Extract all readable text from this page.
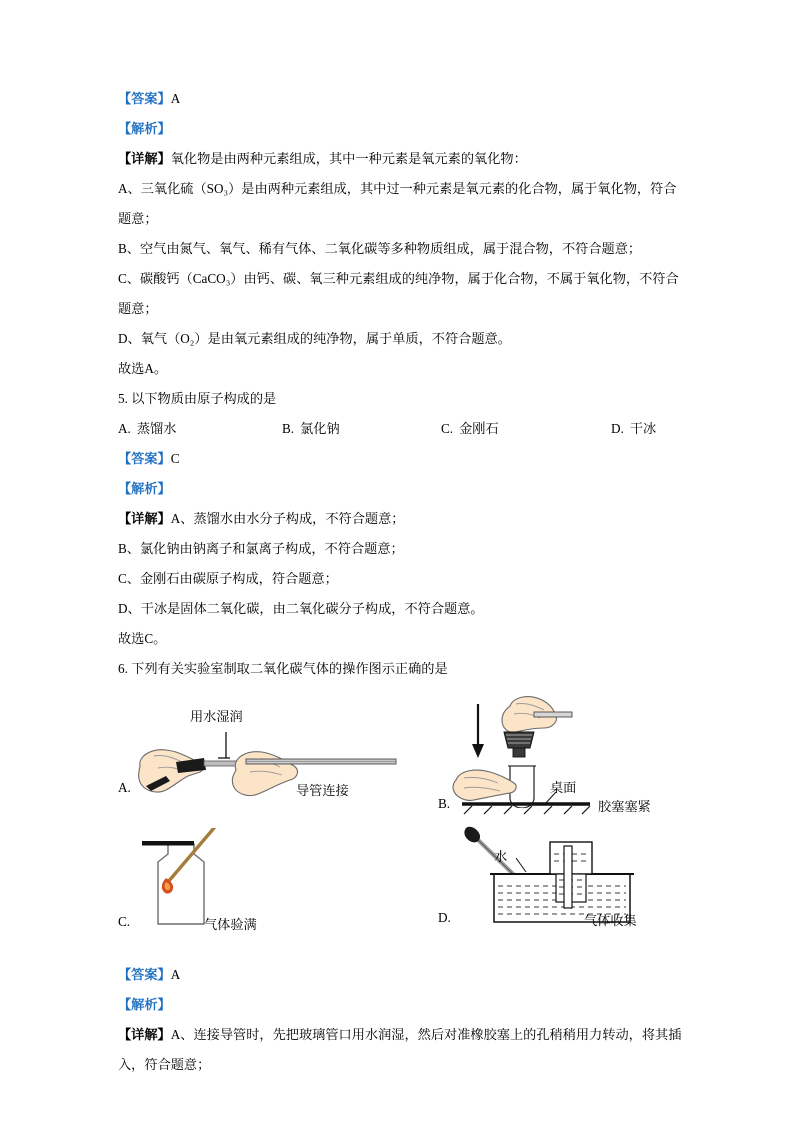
【答案】A
【解析】
【详解】氧化物是由两种元素组成，其中一种元素是氧元素的氧化物：
A、三氧化硫（SO₃）是由两种元素组成，其中过一种元素是氧元素的化合物，属于氧化物，符合题意；
B、空气由氮气、氧气、稀有气体、二氧化碳等多种物质组成，属于混合物，不符合题意；
C、碳酸钙（CaCO₃）由钙、碳、氧三种元素组成的纯净物，属于化合物，不属于氧化物，不符合题意；
D、氧气（O₂）是由氧元素组成的纯净物，属于单质，不符合题意。
故选A。
5. 以下物质由原子构成的是
A. 蒸馏水	B. 氯化钠	C. 金刚石	D. 干冰
【答案】C
【解析】
【详解】A、蒸馏水由水分子构成，不符合题意；
B、氯化钠由钠离子和氯离子构成，不符合题意；
C、金刚石由碳原子构成，符合题意；
D、干冰是固体二氧化碳，由二氧化碳分子构成，不符合题意。
故选C。
6. 下列有关实验室制取二氧化碳气体的操作图示正确的是
用水湿润
A.	导管连接	桌面
B.	胶塞塞紧
C.	气体验满
水
D.	气体收集
【答案】A
【解析】
【详解】A、连接导管时，先把玻璃管口用水润湿，然后对准橡胶塞上的孔稍稍用力转动，将其插入，符合题意；
